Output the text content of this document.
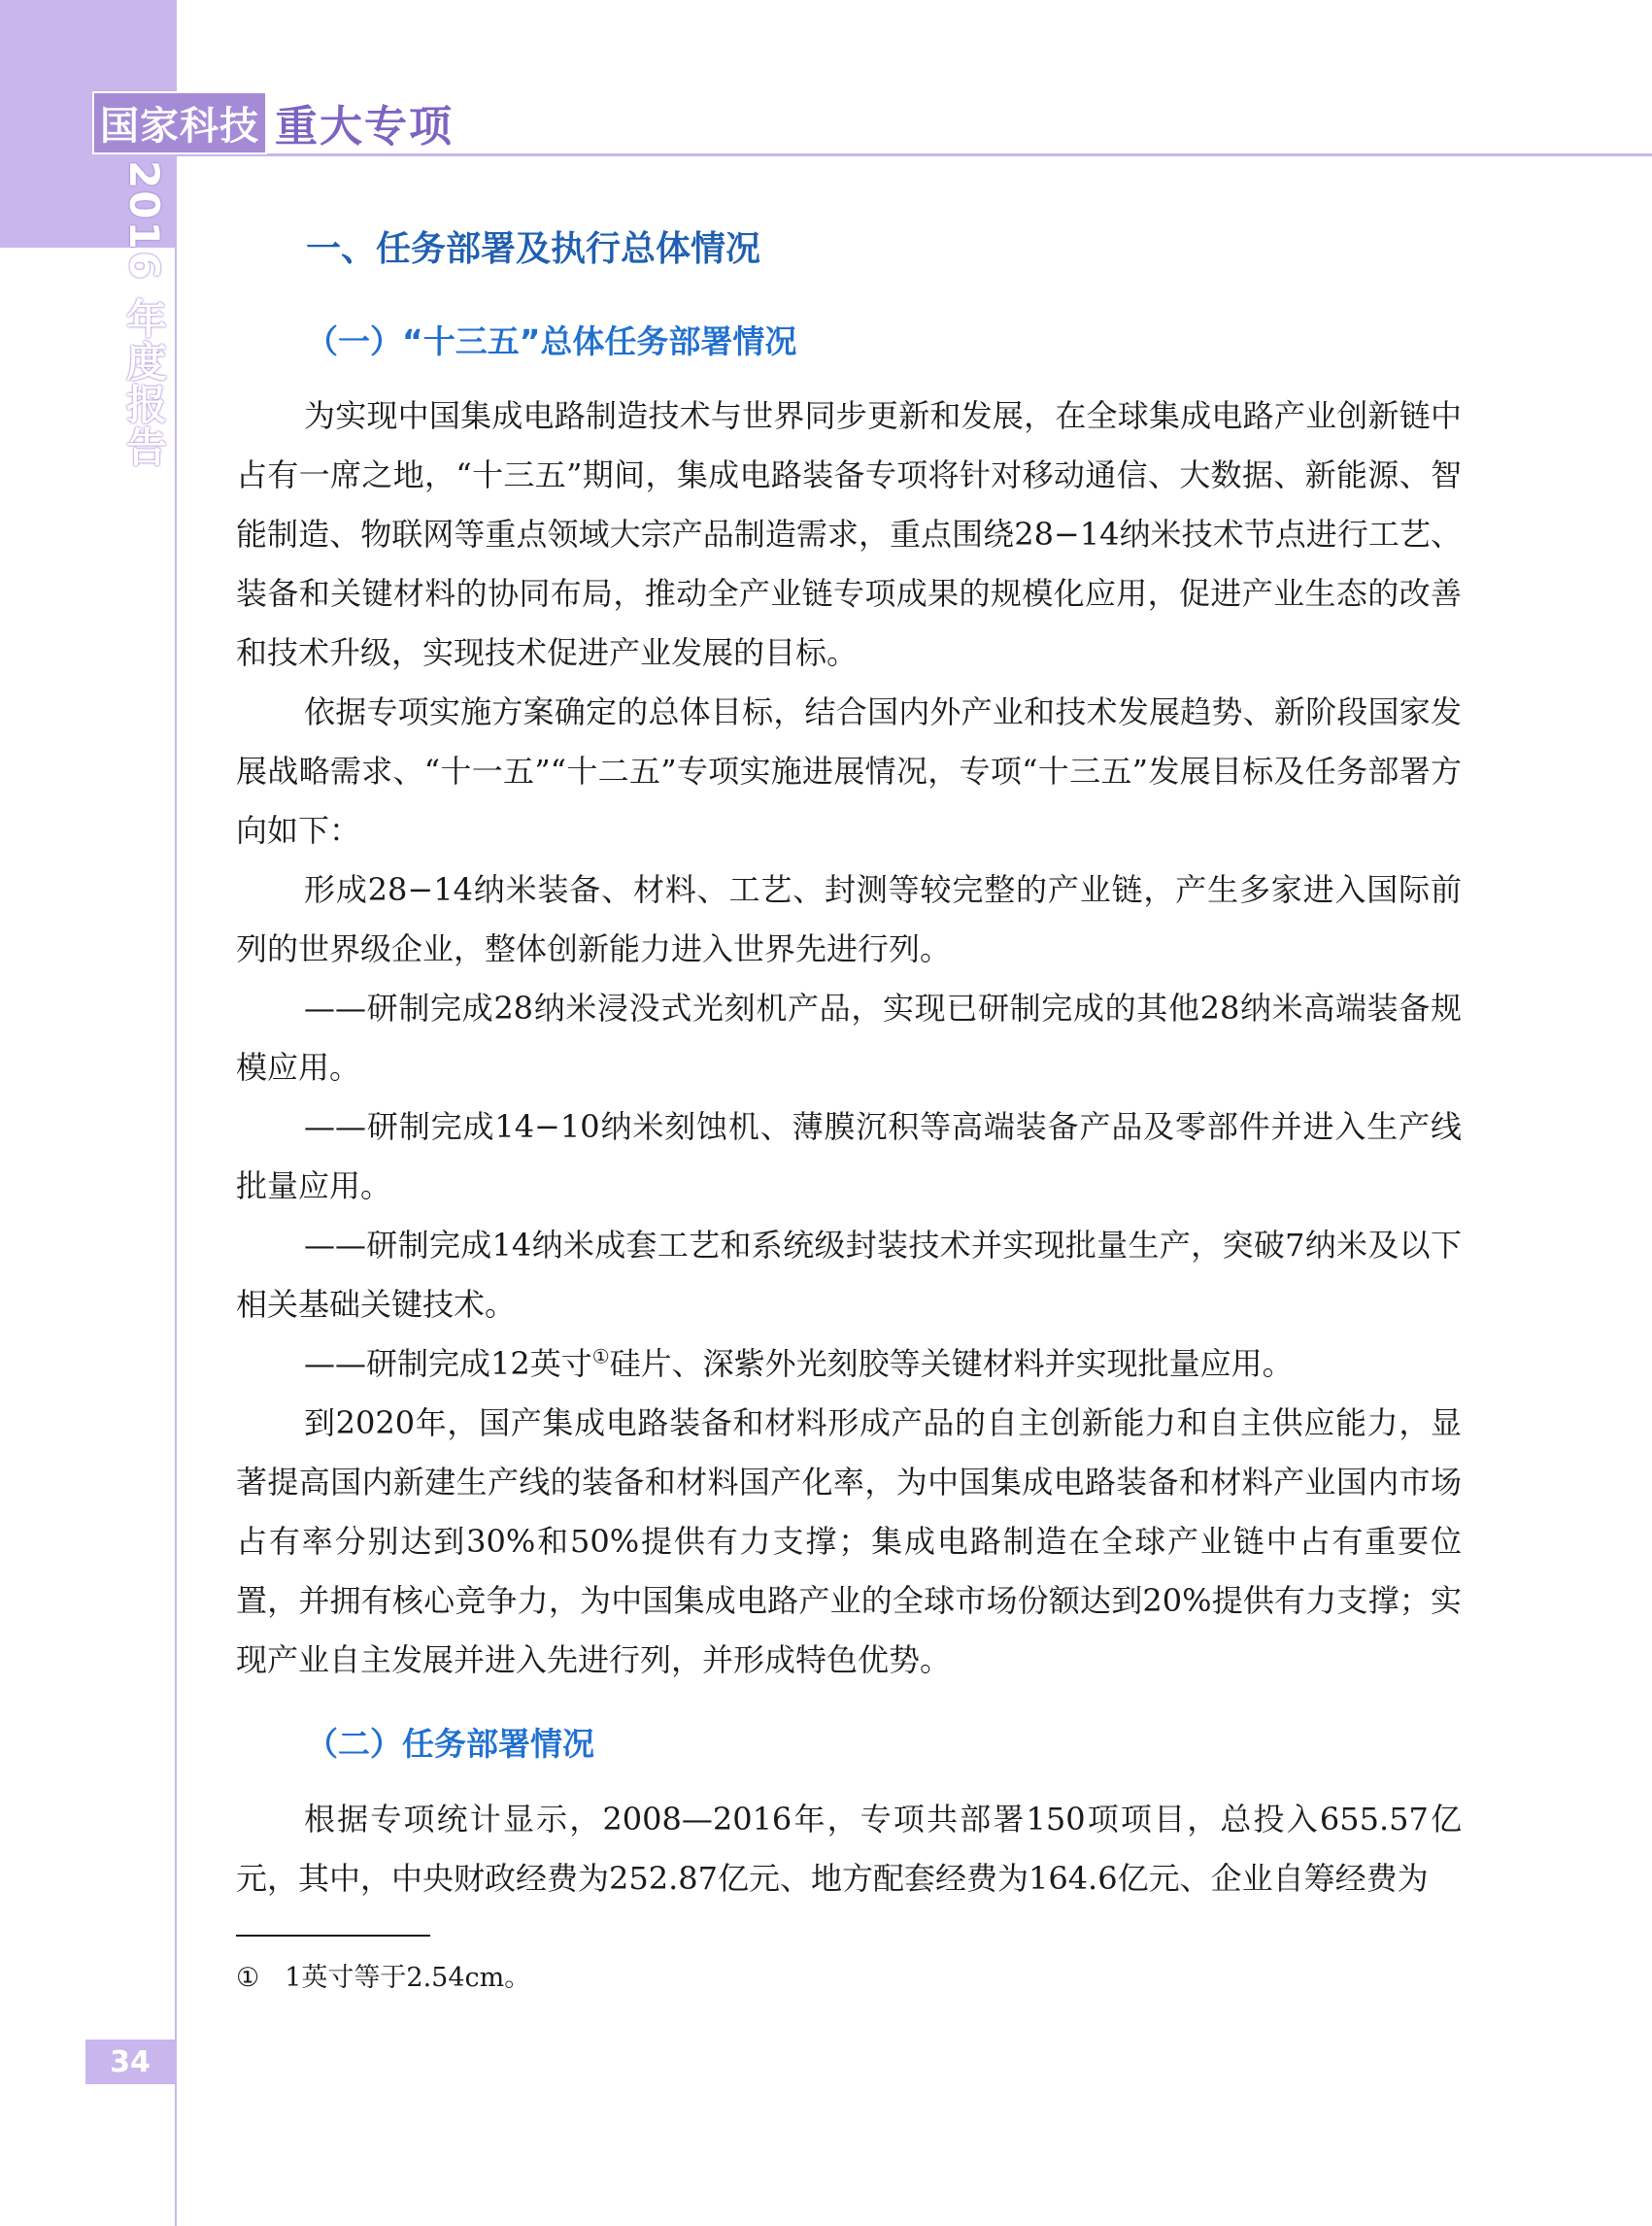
国家科技 重大专项
2016 年度报告	一、任务部署及执行总体情况
（一）“十三五”总体任务部署情况

为实现中国集成电路制造技术与世界同步更新和发展，在全球集成电路产业创新链中占有一席之地，“十三五”期间，集成电路装备专项将针对移动通信、大数据、新能源、智能制造、物联网等重点领域大宗产品制造需求，重点围绕28−14纳米技术节点进行工艺、装备和关键材料的协同布局，推动全产业链专项成果的规模化应用，促进产业生态的改善和技术升级，实现技术促进产业发展的目标。

依据专项实施方案确定的总体目标，结合国内外产业和技术发展趋势、新阶段国家发展战略需求、“十一五”“十二五”专项实施进展情况，专项“十三五”发展目标及任务部署方向如下：

形成28−14纳米装备、材料、工艺、封测等较完整的产业链，产生多家进入国际前列的世界级企业，整体创新能力进入世界先进行列。

——研制完成28纳米浸没式光刻机产品，实现已研制完成的其他28纳米高端装备规模应用。

——研制完成14−10纳米刻蚀机、薄膜沉积等高端装备产品及零部件并进入生产线批量应用。

——研制完成14纳米成套工艺和系统级封装技术并实现批量生产，突破7纳米及以下相关基础关键技术。

——研制完成12英寸①硅片、深紫外光刻胶等关键材料并实现批量应用。

到2020年，国产集成电路装备和材料形成产品的自主创新能力和自主供应能力，显著提高国内新建生产线的装备和材料国产化率，为中国集成电路装备和材料产业国内市场占有率分别达到30%和50%提供有力支撑；集成电路制造在全球产业链中占有重要位置，并拥有核心竞争力，为中国集成电路产业的全球市场份额达到20%提供有力支撑；实现产业自主发展并进入先进行列，并形成特色优势。

（二）任务部署情况

根据专项统计显示，2008—2016年，专项共部署150项项目，总投入655.57亿元，其中，中央财政经费为252.87亿元、地方配套经费为164.6亿元、企业自筹经费为

① 1英寸等于2.54cm。
34
